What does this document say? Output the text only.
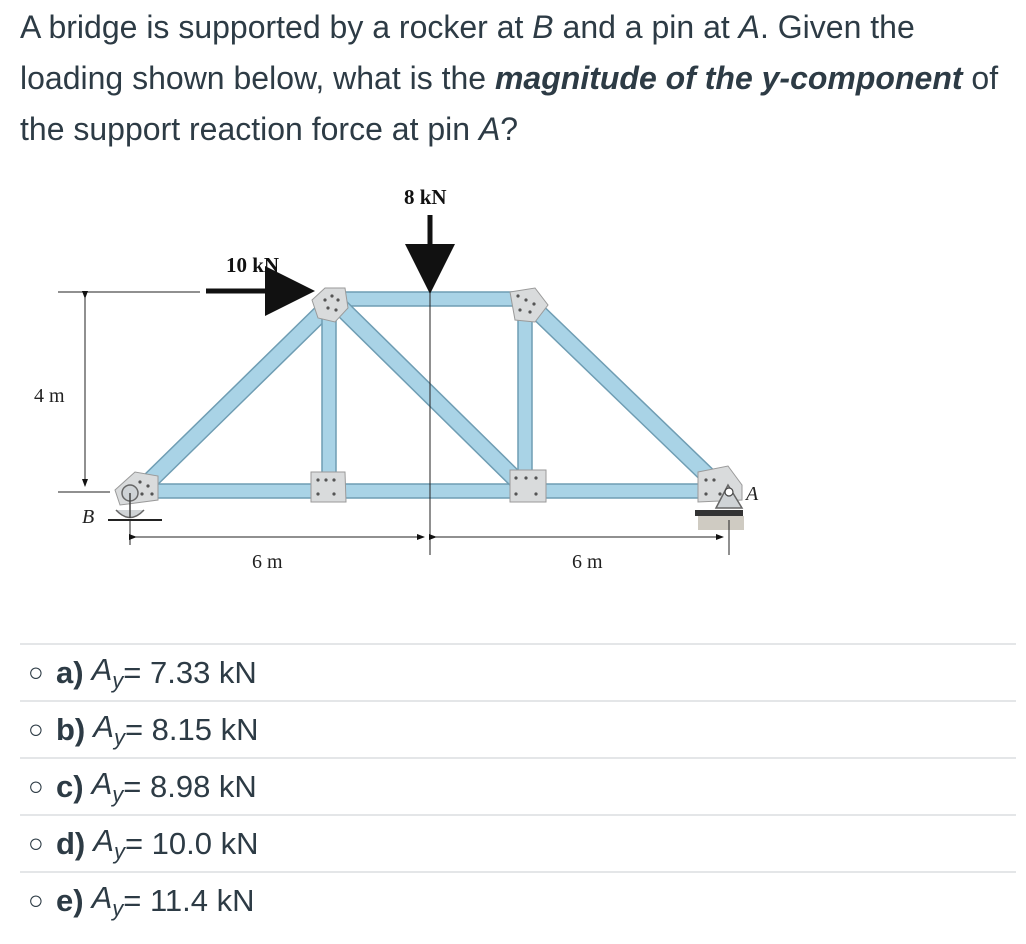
A bridge is supported by a rocker at B and a pin at A. Given the loading shown below, what is the magnitude of the y-component of the support reaction force at pin A?

4 m
6 m	6 m
8 kN
10 kN
B
A
○ a) $A_y = 7.33$ kN
○ b) $A_y = 8.15$ kN
○ c) $A_y = 8.98$ kN
○ d) $A_y = 10.0$ kN
○ e) $A_y = 11.4$ kN
